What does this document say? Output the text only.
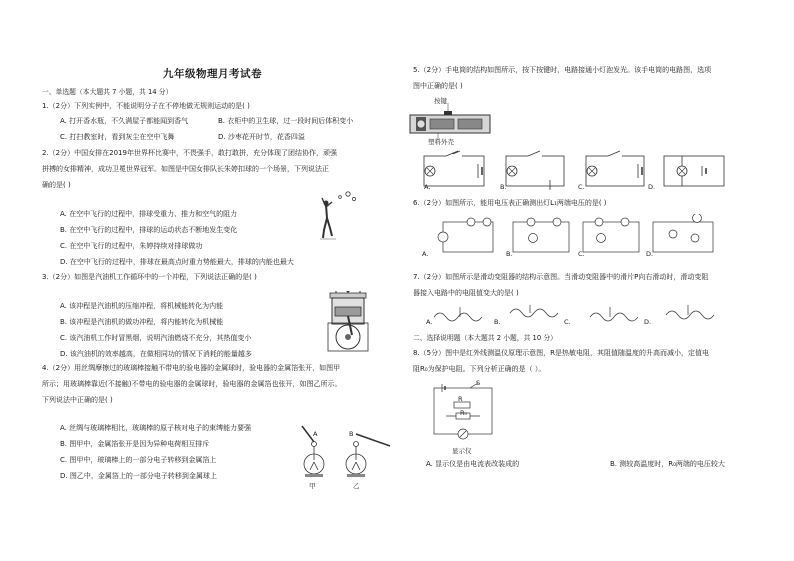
九年级物理月考试卷
一、单选题（本大题共 7 小题，共 14 分）
1.（2分）下列实例中，不能说明分子在不停地做无规则运动的是( )
A. 打开香水瓶，不久满屋子都能闻到香气	B. 衣柜中的卫生球，过一段时间后体积变小
C. 打扫教室时，看到灰尘在空中飞舞	D. 沙枣花开时节，花香四溢
2.（2分）中国女排在2019年世界杯比赛中，不畏强手，敢打敢拼，充分体现了团结协作，顽强
拼搏的女排精神，成功卫冕世界冠军。如图是中国女排队长朱婷扣球的一个场景，下列说法正
确的是( )
A. 在空中飞行的过程中，排球受重力、推力和空气的阻力
B. 在空中飞行的过程中，排球的运动状态不断地发生变化
C. 在空中飞行的过程中，朱婷持续对排球做功
D. 在空中飞行的过程中，排球在最高点时重力势能最大，排球的内能也最大
3.（2分）如图是汽油机工作循环中的一个冲程，下列说法正确的是( )
A. 该冲程是汽油机的压缩冲程，将机械能转化为内能
B. 该冲程是汽油机的做功冲程，将内能转化为机械能
C. 该汽油机工作时冒黑烟，说明汽油燃烧不充分，其热值变小
D. 该汽油机的效率越高，在做相同功的情况下消耗的能量越多
4.（2分）用丝绸摩擦过的玻璃棒接触不带电的验电器的金属球时，验电器的金属箔张开，如图甲
所示；用玻璃棒靠近(不接触)不带电的验电器的金属球时，验电器的金属箔也张开，如图乙所示。
下列说法中正确的是( )
A. 丝绸与玻璃棒相比，玻璃棒的原子核对电子的束缚能力要强
B. 图甲中，金属箔张开是因为异种电荷相互排斥
C. 图甲中，玻璃棒上的一部分电子转移到金属箔上
D. 图乙中，金属箔上的一部分电子转移到金属球上
A	B
甲	乙
5.（2分）手电筒的结构如图所示，按下按键时，电路接通小灯泡发光。该手电筒的电路图，选项
图中正确的是( )
按键
塑料外壳
A.	B.	C.	D.
6.（2分）如图所示，能用电压表正确测出灯L₁两端电压的是( )
A.	B.	C.	D.
7.（2分）如图所示是滑动变阻器的结构示意图。当滑动变阻器中的滑片P向右滑动时，滑动变阻
器接入电路中的电阻值变大的是( )
A.	B.	C.	D.
二、选择说明题（本大题共 2 小题，共 10 分）
8.（5分）图中是红外线测温仪原理示意图，R是热敏电阻，其阻值随温度的升高而减小，定值电
阻R₀为保护电阻。下列分析正确的是（ ）。
S
R
R₀
显示仪
A. 显示仪是由电流表改装成的	B. 测较高温度时，R₀两端的电压较大
